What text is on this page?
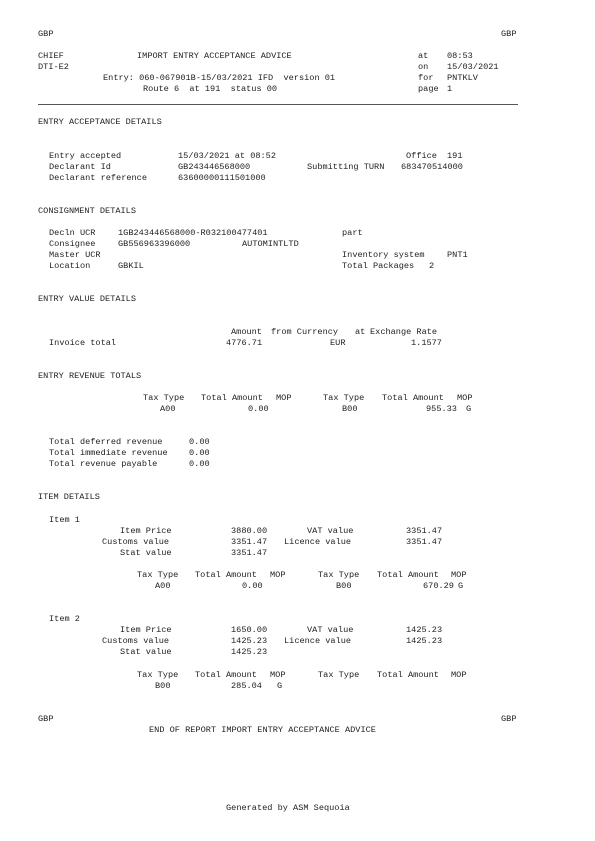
GBP	GBP
CHIEF	IMPORT ENTRY ACCEPTANCE ADVICE	at 08:53
DTI-E2	on 15/03/2021
Entry: 060-067901B-15/03/2021 IFD  version 01	for PNTKLV
Route 6  at 191  status 00	page 1
ENTRY ACCEPTANCE DETAILS
Entry accepted	15/03/2021 at 08:52	Office 191
Declarant Id	GB243446568000	Submitting TURN 683470514000
Declarant reference	63600000111501000
CONSIGNMENT DETAILS
Decln UCR	1GB243446568000-R032100477401	part
Consignee	GB556963396000	AUTOMINTLTD
Master UCR	Inventory system	PNT1
Location	GBKIL	Total Packages 2
ENTRY VALUE DETAILS
Amount from Currency at Exchange Rate
Invoice total	4776.71	EUR	1.1577
ENTRY REVENUE TOTALS
Tax Type Total Amount MOP	Tax Type Total Amount MOP
A00	0.00	B00	955.33 G
Total deferred revenue	0.00
Total immediate revenue 0.00
Total revenue payable	0.00
ITEM DETAILS
Item 1
Item Price	3880.00	VAT value	3351.47
Customs value	3351.47 Licence value	3351.47
Stat value	3351.47
Tax Type Total Amount MOP	Tax Type Total Amount MOP
A00	0.00	B00	670.29 G
Item 2
Item Price	1650.00	VAT value	1425.23
Customs value	1425.23 Licence value	1425.23
Stat value	1425.23
Tax Type Total Amount MOP	Tax Type Total Amount MOP
B00	285.04 G
GBP	GBP
END OF REPORT IMPORT ENTRY ACCEPTANCE ADVICE
Generated by ASM Sequoia
